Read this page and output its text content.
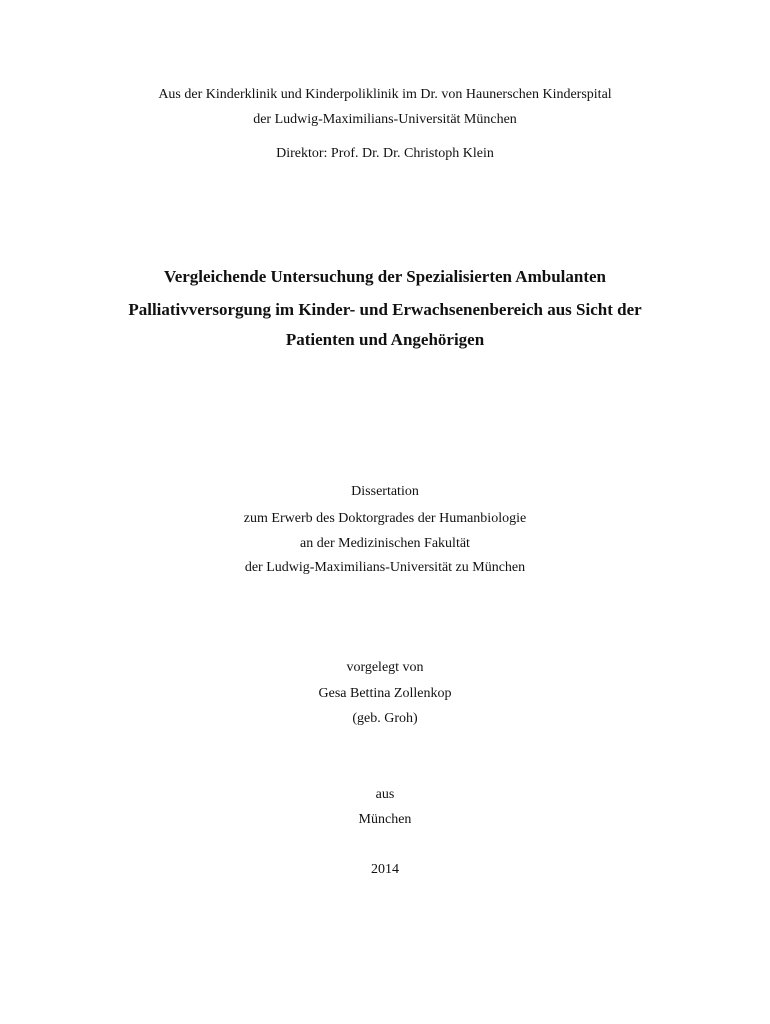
Aus der Kinderklinik und Kinderpoliklinik im Dr. von Haunerschen Kinderspital
der Ludwig-Maximilians-Universität München
Direktor: Prof. Dr. Dr. Christoph Klein
Vergleichende Untersuchung der Spezialisierten Ambulanten
Palliativversorgung im Kinder- und Erwachsenenbereich aus Sicht der
Patienten und Angehörigen
Dissertation
zum Erwerb des Doktorgrades der Humanbiologie
an der Medizinischen Fakultät
der Ludwig-Maximilians-Universität zu München
vorgelegt von
Gesa Bettina Zollenkop
(geb. Groh)
aus
München
2014
